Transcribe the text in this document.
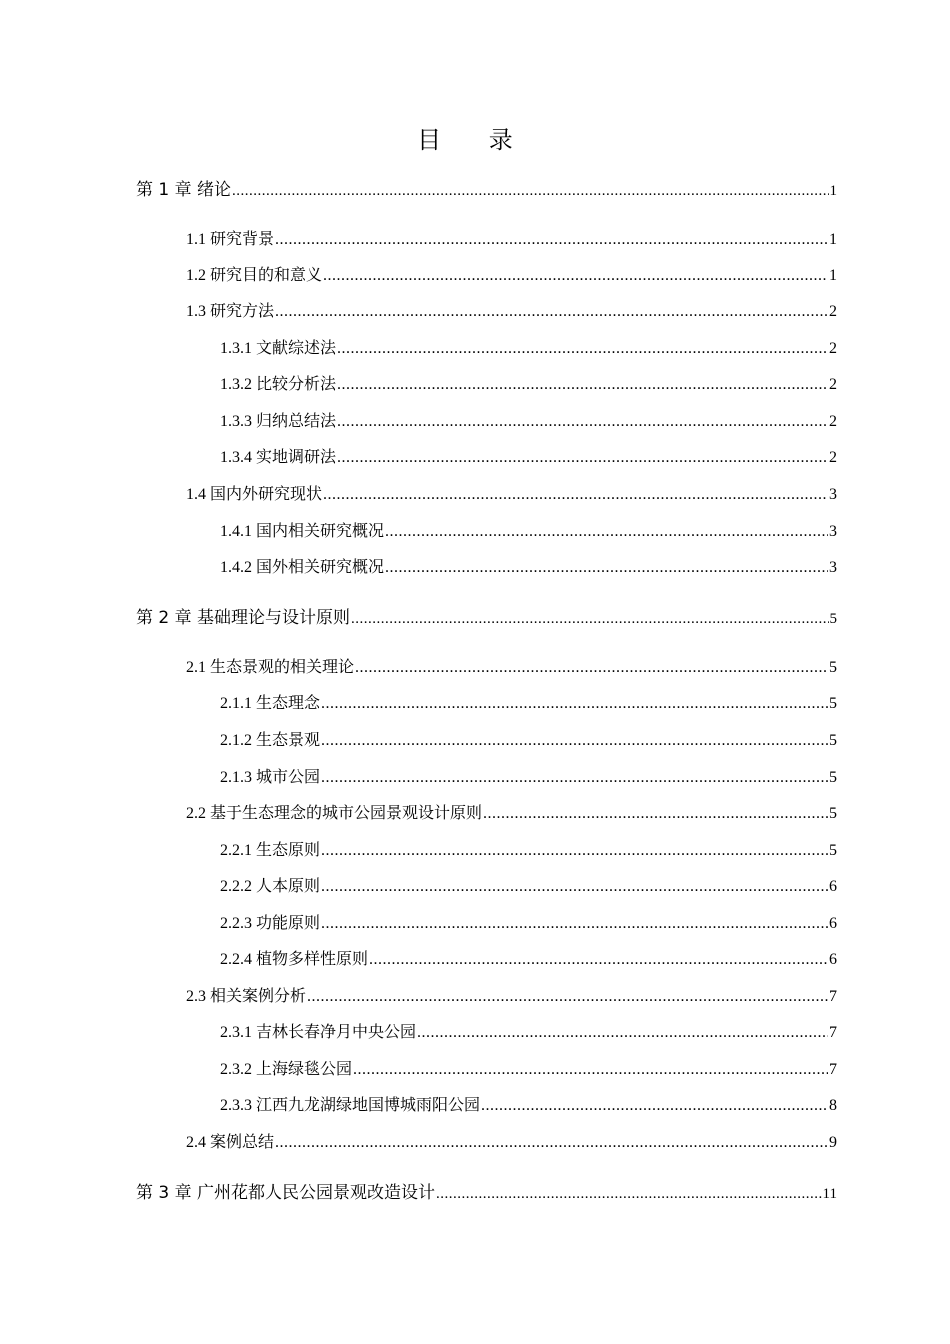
目 录
第 1 章 绪论 .....	1
1.1 研究背景 .....	1
1.2 研究目的和意义 .....	1
1.3 研究方法 .....	2
1.3.1 文献综述法 .....	2
1.3.2 比较分析法 .....	2
1.3.3 归纳总结法 .....	2
1.3.4 实地调研法 .....	2
1.4 国内外研究现状 .....	3
1.4.1 国内相关研究概况 .....	3
1.4.2 国外相关研究概况 .....	3
第 2 章 基础理论与设计原则 .....	5
2.1 生态景观的相关理论 .....	5
2.1.1 生态理念 .....	5
2.1.2 生态景观 .....	5
2.1.3 城市公园 .....	5
2.2 基于生态理念的城市公园景观设计原则 .....	5
2.2.1 生态原则 .....	5
2.2.2 人本原则 .....	6
2.2.3 功能原则 .....	6
2.2.4 植物多样性原则 .....	6
2.3 相关案例分析 .....	7
2.3.1 吉林长春净月中央公园 .....	7
2.3.2 上海绿毯公园 .....	7
2.3.3 江西九龙湖绿地国博城雨阳公园 .....	8
2.4 案例总结 .....	9
第 3 章 广州花都人民公园景观改造设计 .....	11
